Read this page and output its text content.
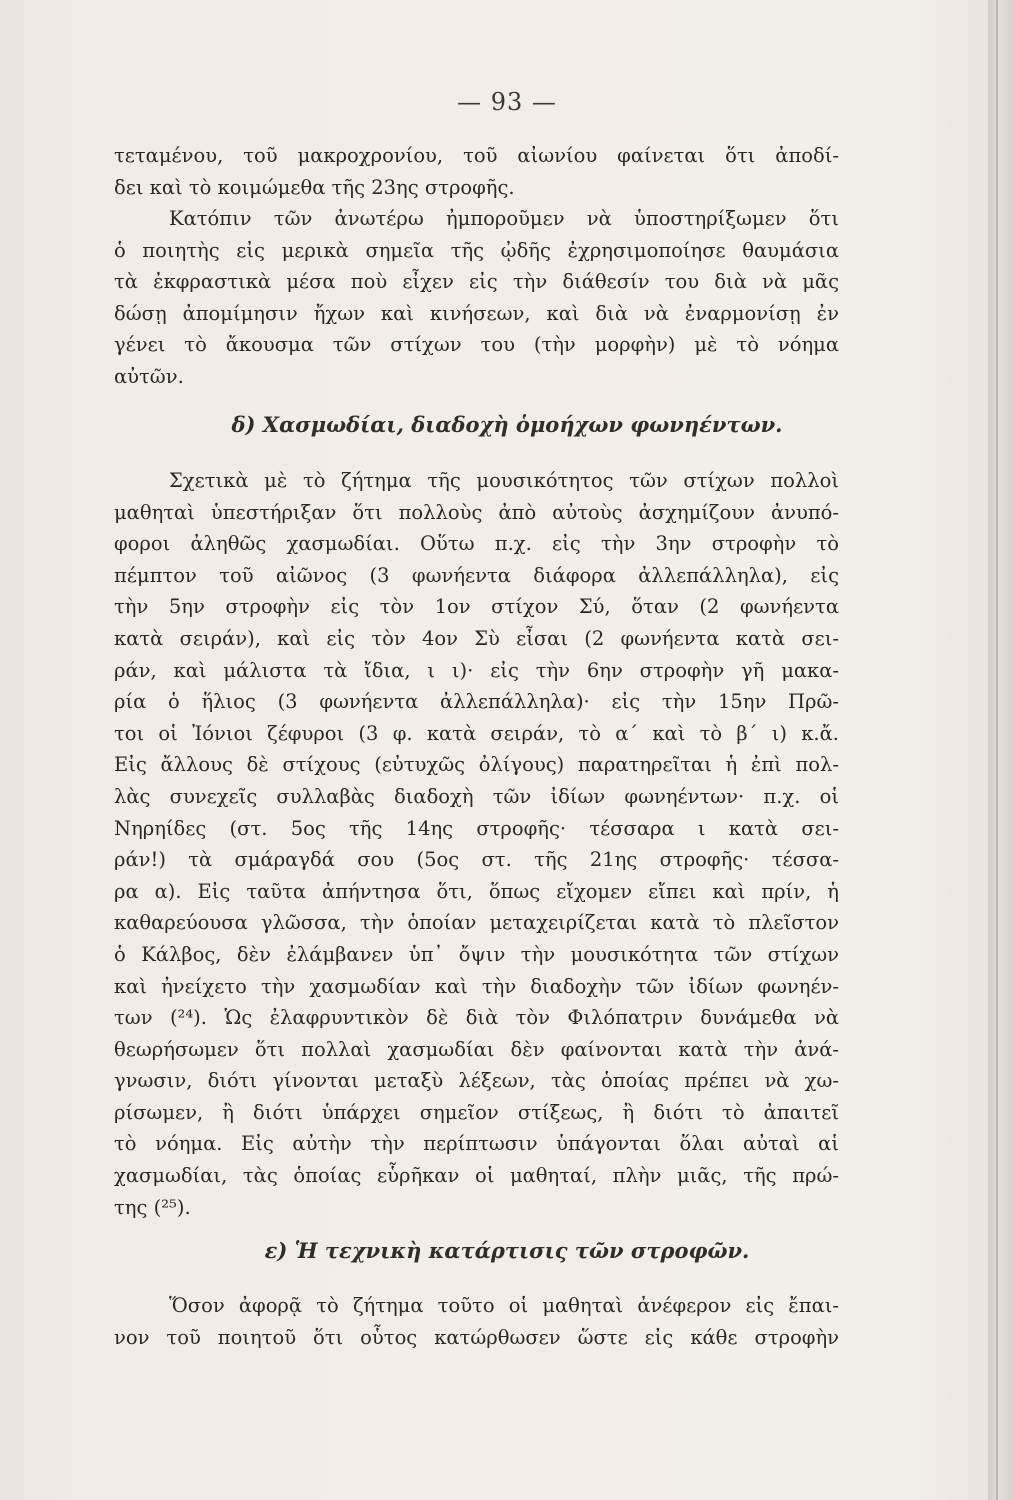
— 93 —
τεταμένου, τοῦ μακροχρονίου, τοῦ αἰωνίου φαίνεται ὅτι ἀποδί-
δει καὶ τὸ κοιμώμεθα τῆς 23ης στροφῆς.
Κατόπιν τῶν ἀνωτέρω ἠμποροῦμεν νὰ ὑποστηρίξωμεν ὅτι
ὁ ποιητὴς εἰς μερικὰ σημεῖα τῆς ᾠδῆς ἐχρησιμοποίησε θαυμάσια
τὰ ἐκφραστικὰ μέσα ποὺ εἶχεν εἰς τὴν διάθεσίν του διὰ νὰ μᾶς
δώσῃ ἀπομίμησιν ἤχων καὶ κινήσεων, καὶ διὰ νὰ ἐναρμονίσῃ ἐν
γένει τὸ ἄκουσμα τῶν στίχων του (τὴν μορφὴν) μὲ τὸ νόημα
αὐτῶν.
δ) Χασμωδίαι, διαδοχὴ ὁμοήχων φωνηέντων.
Σχετικὰ μὲ τὸ ζήτημα τῆς μουσικότητος τῶν στίχων πολλοὶ
μαθηταὶ ὑπεστήριξαν ὅτι πολλοὺς ἀπὸ αὐτοὺς ἀσχημίζουν ἀνυπό-
φοροι ἀληθῶς χασμωδίαι. Οὕτω π.χ. εἰς τὴν 3ην στροφὴν τὸ
πέμπτον τοῦ αἰῶνος (3 φωνήεντα διάφορα ἀλλεπάλληλα), εἰς
τὴν 5ην στροφὴν εἰς τὸν 1ον στίχον Σύ, ὅταν (2 φωνήεντα
κατὰ σειράν), καὶ εἰς τὸν 4ον Σὺ εἶσαι (2 φωνήεντα κατὰ σει-
ράν, καὶ μάλιστα τὰ ἴδια, ι ι)· εἰς τὴν 6ην στροφὴν γῆ μακα-
ρία ὁ ἥλιος (3 φωνήεντα ἀλλεπάλληλα)· εἰς τὴν 15ην Πρῶ-
τοι οἱ Ἰόνιοι ζέφυροι (3 φ. κατὰ σειράν, τὸ α΄ καὶ τὸ β΄ ι) κ.ἄ.
Εἰς ἄλλους δὲ στίχους (εὐτυχῶς ὀλίγους) παρατηρεῖται ἡ ἐπὶ πολ-
λὰς συνεχεῖς συλλαβὰς διαδοχὴ τῶν ἰδίων φωνηέντων· π.χ. οἱ
Νηρηίδες (στ. 5ος τῆς 14ης στροφῆς· τέσσαρα ι κατὰ σει-
ράν!) τὰ σμάραγδά σου (5ος στ. τῆς 21ης στροφῆς· τέσσα-
ρα α). Εἰς ταῦτα ἀπήντησα ὅτι, ὅπως εἴχομεν εἴπει καὶ πρίν, ἡ
καθαρεύουσα γλῶσσα, τὴν ὁποίαν μεταχειρίζεται κατὰ τὸ πλεῖστον
ὁ Κάλβος, δὲν ἐλάμβανεν ὑπ᾽ ὄψιν τὴν μουσικότητα τῶν στίχων
καὶ ἠνείχετο τὴν χασμωδίαν καὶ τὴν διαδοχὴν τῶν ἰδίων φωνηέν-
των (²⁴). Ὡς ἐλαφρυντικὸν δὲ διὰ τὸν Φιλόπατριν δυνάμεθα νὰ
θεωρήσωμεν ὅτι πολλαὶ χασμωδίαι δὲν φαίνονται κατὰ τὴν ἀνά-
γνωσιν, διότι γίνονται μεταξὺ λέξεων, τὰς ὁποίας πρέπει νὰ χω-
ρίσωμεν, ἢ διότι ὑπάρχει σημεῖον στίξεως, ἢ διότι τὸ ἀπαιτεῖ
τὸ νόημα. Εἰς αὐτὴν τὴν περίπτωσιν ὑπάγονται ὅλαι αὐταὶ αἱ
χασμωδίαι, τὰς ὁποίας εὗρῆκαν οἱ μαθηταί, πλὴν μιᾶς, τῆς πρώ-
της (²⁵).
ε) Ἡ τεχνικὴ κατάρτισις τῶν στροφῶν.
Ὅσον ἀφορᾷ τὸ ζήτημα τοῦτο οἱ μαθηταὶ ἀνέφερον εἰς ἔπαι-
νον τοῦ ποιητοῦ ὅτι οὗτος κατώρθωσεν ὥστε εἰς κάθε στροφὴν
